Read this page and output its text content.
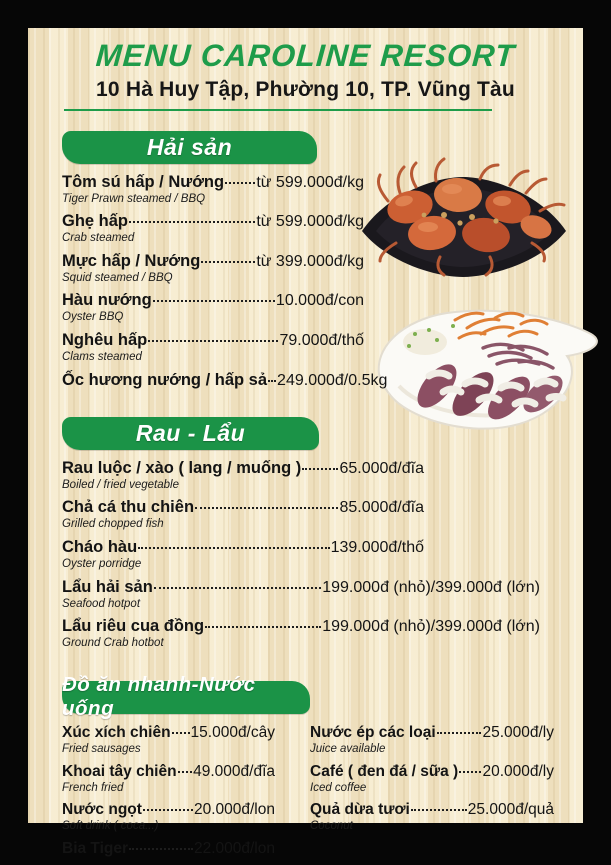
MENU CAROLINE RESORT
10 Hà Huy Tập, Phường 10, TP. Vũng Tàu
Hải sản
Tôm sú hấp / Nướng từ 599.000đ/kg
Tiger Prawn steamed / BBQ
Ghẹ hấp	từ 599.000đ/kg
Crab steamed
Mực hấp / Nướng	từ 399.000đ/kg
Squid steamed / BBQ
Hàu nướng	10.000đ/con
Oyster BBQ
Nghêu hấp	79.000đ/thố
Clams steamed
Ốc hương nướng / hấp sả 249.000đ/0.5kg
Rau - Lẩu
Rau luộc / xào ( lang / muống ) 65.000đ/đĩa
Boiled / fried vegetable
Chả cá thu chiên	85.000đ/đĩa
Grilled chopped fish
Cháo hàu	139.000đ/thố
Oyster porridge
Lẩu hải sản	199.000đ (nhỏ)/399.000đ (lớn)
Seafood hotpot
Lẩu riêu cua đồng	199.000đ (nhỏ)/399.000đ (lớn)
Ground Crab hotbot
Đồ ăn nhanh-Nước uống
Xúc xích chiên 15.000đ/cây
Fried sausages
Khoai tây chiên 49.000đ/đĩa
French fried
Nước ngọt	20.000đ/lon
Soft drink ( coca...)
Bia Tiger	22.000đ/lon
Nước ép các loại	25.000đ/ly
Juice available
Café ( đen đá / sữa ) 20.000đ/ly
Iced coffee
Quả dừa tươi	25.000đ/quả
Coconut
